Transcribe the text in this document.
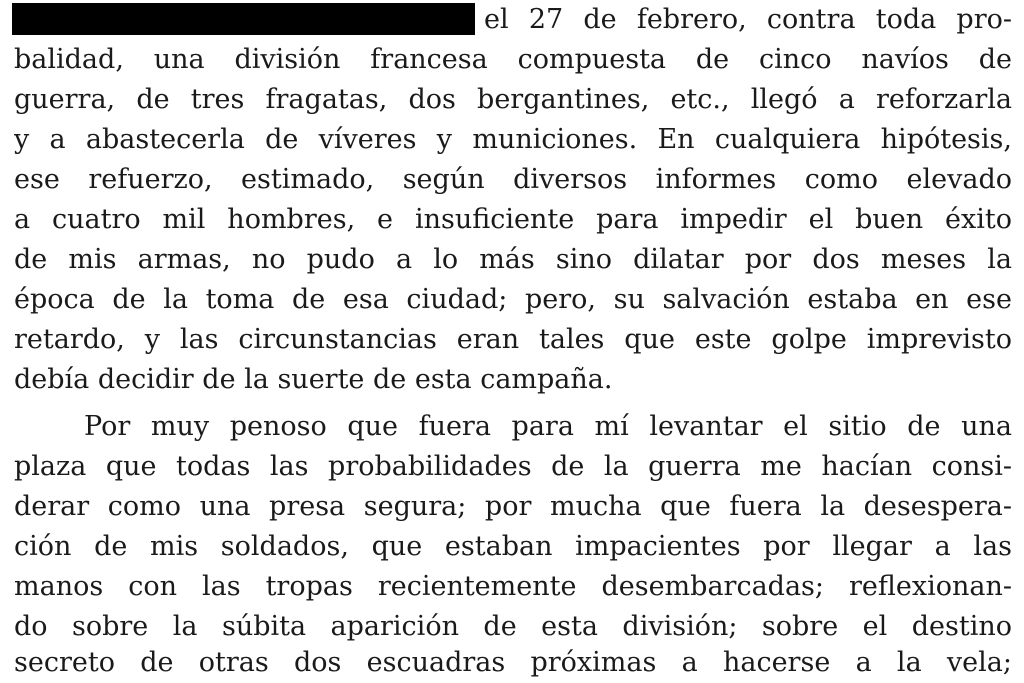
el 27 de febrero, contra toda pro-
balidad, una división francesa compuesta de cinco navíos de
guerra, de tres fragatas, dos bergantines, etc., llegó a reforzarla
y a abastecerla de víveres y municiones. En cualquiera hipótesis,
ese refuerzo, estimado, según diversos informes como elevado
a cuatro mil hombres, e insuficiente para impedir el buen éxito
de mis armas, no pudo a lo más sino dilatar por dos meses la
época de la toma de esa ciudad; pero, su salvación estaba en ese
retardo, y las circunstancias eran tales que este golpe imprevisto
debía decidir de la suerte de esta campaña.
Por muy penoso que fuera para mí levantar el sitio de una
plaza que todas las probabilidades de la guerra me hacían consi-
derar como una presa segura; por mucha que fuera la desespera-
ción de mis soldados, que estaban impacientes por llegar a las
manos con las tropas recientemente desembarcadas; reflexionan-
do sobre la súbita aparición de esta división; sobre el destino
secreto de otras dos escuadras próximas a hacerse a la vela;
